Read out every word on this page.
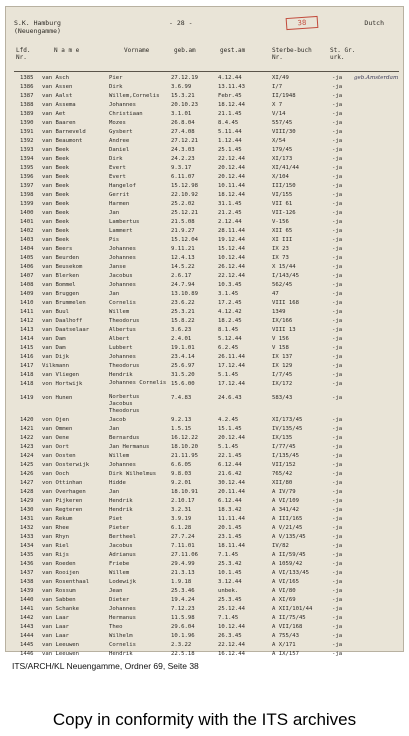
S.K. Hamburg
(Neuengamme)
- 28 -	Dutch
38
Lfd. Nr.
N a m e	Vorname	geb.am	gest.am	Sterbe-buch Nr.
St. Gr. urk.
1385	van Asch	Pier	27.12.19	4.12.44	XI/49	-ja	geb.Amsterdam
1386	van Assen	Dirk	3.6.99	13.11.43	I/7	-ja
1387	van Aalst	Willem,Cornelis	15.3.21	Febr.45	II/1948	-ja
1388	van Assema	Johannes	20.10.23	18.12.44	X 7	-ja
1389	van Aet	Christiaan	3.1.01	21.1.45	V/14	-ja
1390	van Baaren	Mozes	26.8.04	8.4.45	557/45	-ja
1391	van Barneveld	Gysbert	27.4.08	5.11.44	VIII/30	-ja
1392	van Beaumont	Andree	27.12.21	1.12.44	X/54	-ja
1393	van Beek	Daniel	24.3.03	25.1.45	179/45	-ja
1394	van Beek	Dirk	24.2.23	22.12.44	XI/173	-ja
1395	van Beek	Evert	9.3.17	20.12.44	XI/41/44	-ja
1396	van Beek	Evert	6.11.07	20.12.44	X/104	-ja
1397	van Beek	Hangelof	15.12.98	10.11.44	III/150	-ja
1398	van Beek	Gerrit	22.10.92	18.12.44	VI/155	-ja
1399	van Beek	Harmen	25.2.02	31.1.45	VII 61	-ja
1400	van Beek	Jan	25.12.21	21.2.45	VII-126	-ja
1401	van Beek	Lambertus	21.5.08	2.12.44	V-156	-ja
1402	van Beek	Lammert	21.9.27	28.11.44	XII 65	-ja
1403	van Beek	Pis	15.12.04	19.12.44	XI III	-ja
1404	van Beers	Johannes	9.11.21	15.12.44	IX 23	-ja
1405	van Beurden	Johannes	12.4.13	10.12.44	IX 73	-ja
1406	van Beusekom	Janse	14.5.22	26.12.44	X 15/44	-ja
1407	van Blerken	Jacobus	2.6.17	22.12.44	I/143/45	-ja
1408	van Bommel	Johannes	24.7.94	10.3.45	562/45	-ja
1409	van Bruggen	Jan	13.10.89	3.1.45	47	-ja
1410	van Brummelen	Cornelis	23.6.22	17.2.45	VIII 168	-ja
1411	van Buul	Willem	25.3.21	4.12.42	1349	-ja
1412	van Daalhoff	Theodorus	15.8.22	18.2.45	IX/166	-ja
1413	van Daatselaar	Albertus	3.6.23	8.1.45	VIII 13	-ja
1414	van Dam	Albert	2.4.01	5.12.44	V 156	-ja
1415	van Dam	Lubbert	19.1.01	6.2.45	V 158	-ja
1416	van Dijk	Johannes	23.4.14	26.11.44	IX 137	-ja
1417	Vilkmann	Theodorus	25.6.97	17.12.44	IX 129	-ja
1418	van Vliegen	Hendrik	31.5.20	5.1.45	I/7/45	-ja
1418	von Hortwijk	Johannes Cornelis 15.6.00	17.12.44	IX/172	-ja
1419	von Hunen	Norbertus
Jacobus
Theodorus
7.4.83	24.6.43	583/43	-ja
1420	von Ojen	Jacob	9.2.13	4.2.45	XI/173/45	-ja
1421	van Ommen	Jan	1.5.15	15.1.45	IV/135/45	-ja
1422	van Oene	Bernardus	16.12.22	20.12.44	IX/135	-ja
1423	van Oort	Jan Hermanus	18.10.20	5.1.45	I/77/45	-ja
1424	van Oosten	Willem	21.11.95	22.1.45	I/135/45	-ja
1425	van Oosterwijk	Johannes	6.6.05	6.12.44	VII/152	-ja
1426	van Ooch	Dirk Wilhelmus	9.8.03	21.6.42	765/42	-ja
1427	von Ottinhan	Hidde	9.2.01	30.12.44	XII/80	-ja
1428	van Overhagen	Jan	18.10.91	20.11.44	A IV/79	-ja
1429	van Pijkeren	Hendrik	2.10.17	6.12.44	A VI/109	-ja
1430	van Regteren	Hendrik	3.2.31	18.3.42	A 341/42	-ja
1431	van Rekum	Piet	3.9.19	11.11.44	A III/165	-ja
1432	van Rhee	Pieter	6.1.28	20.1.45	A V/21/45	-ja
1433	van Rhyn	Bertheel	27.7.24	23.1.45	A V/135/45	-ja
1434	van Riel	Jacobus	7.11.01	18.11.44	IV/82	-ja
1435	van Rijs	Adrianus	27.11.06	7.1.45	A II/59/45	-ja
1436	van Roeden	Friebe	29.4.99	25.3.42	A 1059/42	-ja
1437	van Rooijen	Willem	21.3.13	10.1.45	A VI/133/45	-ja
1438	van Rosenthaal	Lodewijk	1.9.18	3.12.44	A VI/165	-ja
1439	van Rossum	Jean	25.3.46	unbek.	A VI/80	-ja
1440	van Sabben	Dieter	19.4.24	25.3.45	A XI/69	-ja
1441	van Schanke	Johannes	7.12.23	25.12.44	A XII/101/44	-ja
1442	van Laar	Hermanus	11.5.98	7.1.45	A II/75/45	-ja
1443	van Laar	Theo	29.6.04	10.12.44	A VII/168	-ja
1444	van Laar	Wilhelm	10.1.96	26.3.45	A 755/43	-ja
1445	van Leeuwen	Cornelis	2.3.22	22.12.44	A X/171	-ja
1446	van Leeuwen	Hendrik	22.5.18	16.12.44	A IX/157	-ja
ITS/ARCH/KL Neuengamme, Ordner 69, Seite 38
Copy in conformity with the ITS archives
